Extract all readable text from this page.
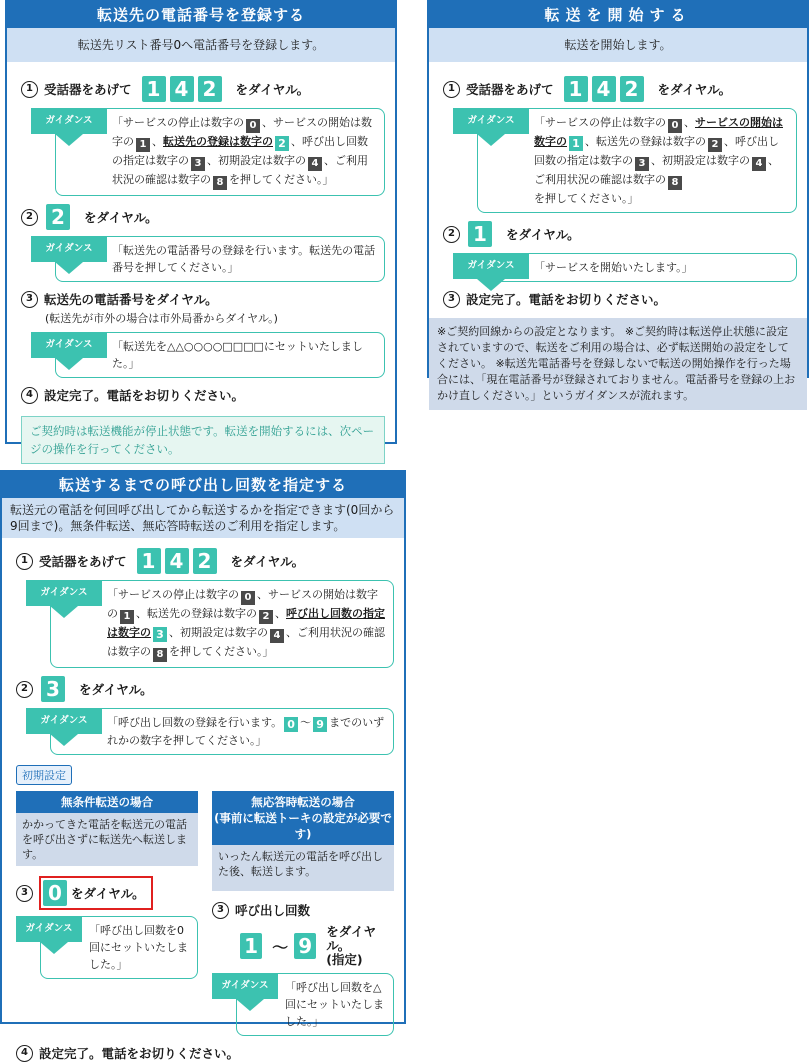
転送先の電話番号を登録する
転送先リスト番号0へ電話番号を登録します。
1 受話器をあげて 1 4 2	をダイヤル。
ガイダンス	「サービスの停止は数字の 0 、サービスの開始は数字の 1 、転送先の登録は数字の 2 、呼び出し回数の指定は数字の 3 、初期設定は数字の 4 、ご利用状況の確認は数字の 8 を押してください。」
2 2	をダイヤル。
ガイダンス	「転送先の電話番号の登録を行います。転送先の電話番号を押してください。」
3 転送先の電話番号をダイヤル。
(転送先が市外の場合は市外局番からダイヤル。)
ガイダンス	「転送先を△△○○○○□□□□にセットいたしました。」
4 設定完了。電話をお切りください。
ご契約時は転送機能が停止状態です。転送を開始するには、次ページの操作を行ってください。
転送を開始する
転送を開始します。
1 受話器をあげて 1 4 2	をダイヤル。
ガイダンス	「サービスの停止は数字の 0 、サービスの開始は数字の 1 、転送先の登録は数字の 2 、呼び出し回数の指定は数字の 3 、初期設定は数字の 4 、ご利用状況の確認は数字の 8を押してください。」
2 1	をダイヤル。
ガイダンス	「サービスを開始いたします。」
3 設定完了。電話をお切りください。
※ご契約回線からの設定となります。 ※ご契約時は転送停止状態に設定されていますので、転送をご利用の場合は、必ず転送開始の設定をしてください。 ※転送先電話番号を登録しないで転送の開始操作を行った場合には、「現在電話番号が登録されておりません。電話番号を登録の上おかけ直しください。」というガイダンスが流れます。
転送するまでの呼び出し回数を指定する
転送元の電話を何回呼び出してから転送するかを指定できます(0回から9回まで)。無条件転送、無応答時転送のご利用を指定します。
1 受話器をあげて 1 4 2	をダイヤル。
ガイダンス	「サービスの停止は数字の 0 、サービスの開始は数字の 1 、転送先の登録は数字の 2 、呼び出し回数の指定は数字の 3 、初期設定は数字の 4 、ご利用状況の確認は数字の 8 を押してください。」
2 3	をダイヤル。
ガイダンス	「呼び出し回数の登録を行います。 0 〜 9 までのいずれかの数字を押してください。」
初期設定
無条件転送の場合
かかってきた電話を転送元の電話を呼び出さずに転送先へ転送します。
3 0 をダイヤル。
ガイダンス	「呼び出し回数を0回にセットいたしました。」
無応答時転送の場合
(事前に転送トーキの設定が必要です)
いったん転送元の電話を呼び出した後、転送します。
3 呼び出し回数
1 〜 9
をダイヤル。
(指定)
ガイダンス	「呼び出し回数を△回にセットいたしました。」
4 設定完了。電話をお切りください。
